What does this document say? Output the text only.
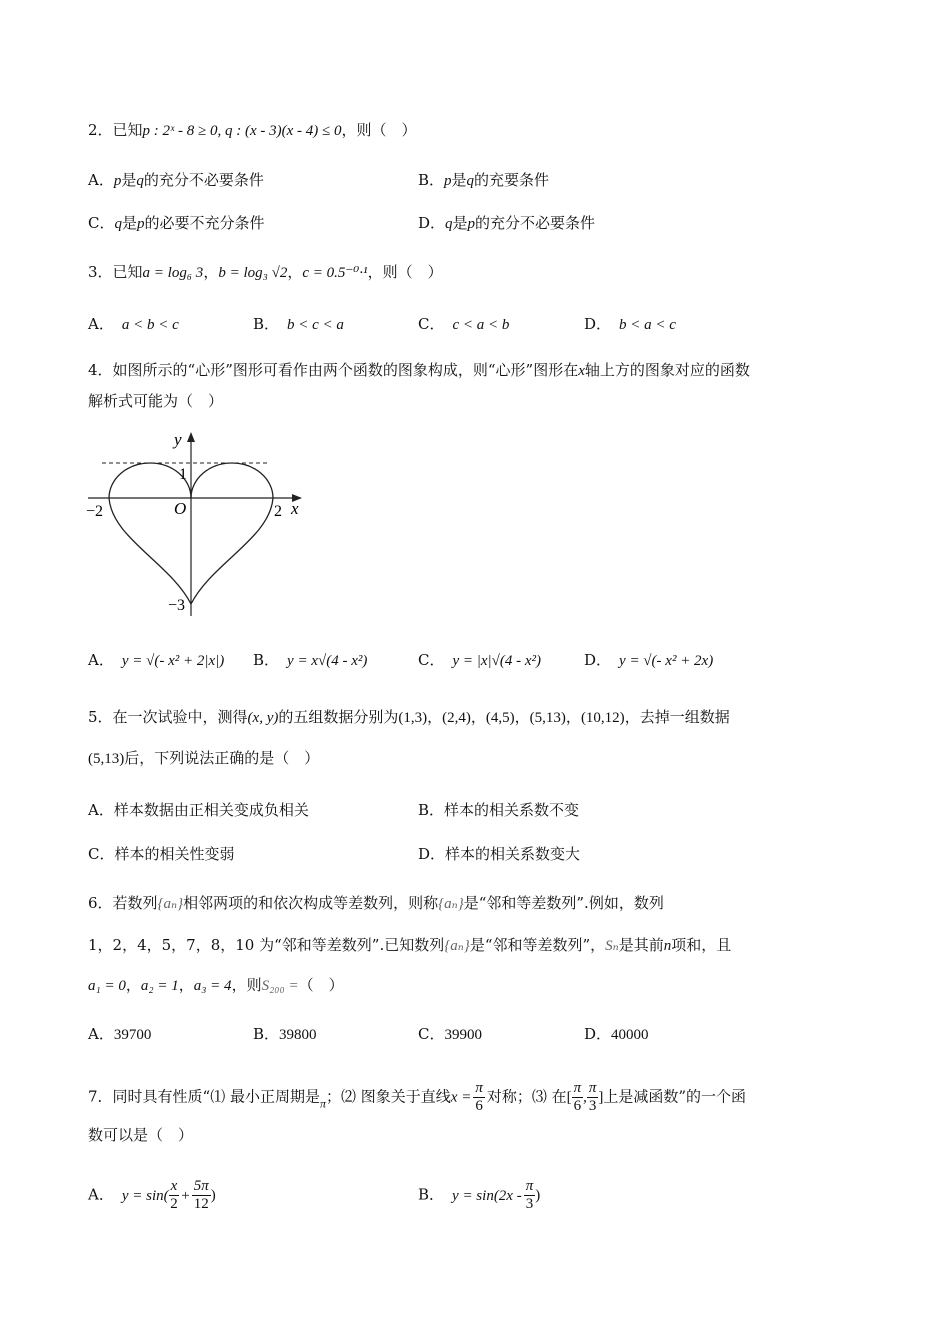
2．已知p : 2ˣ - 8 ≥ 0, q : (x - 3)(x - 4) ≤ 0，则（　）
A．p是q的充分不必要条件	B．p是q的充要条件
C．q是p的必要不充分条件	D．q是p的充分不必要条件
3．已知a = log₆ 3，b = log₃ √2，c = 0.5⁻⁰·¹，则（　）
A． a < b < c	B． b < c < a	C． c < a < b	D． b < a < c
4．如图所示的“心形”图形可看作由两个函数的图象构成，则“心形”图形在x轴上方的图象对应的函数
解析式可能为（　）
y
x
O
1
−2	2
−3
A． y = √(- x² + 2|x|) B． y = x√(4 - x²)	C． y = |x|√(4 - x²)	D． y = √(- x² + 2x)
5．在一次试验中，测得(x, y)的五组数据分别为(1,3)，(2,4)，(4,5)，(5,13)，(10,12)，去掉一组数据
(5,13)后，下列说法正确的是（　）
A．样本数据由正相关变成负相关	B．样本的相关系数不变
C．样本的相关性变弱	D．样本的相关系数变大
6．若数列{aₙ}相邻两项的和依次构成等差数列，则称{aₙ}是“邻和等差数列”.例如，数列
1，2，4，5，7，8，10 为“邻和等差数列”.已知数列{aₙ}是“邻和等差数列”，Sₙ是其前n项和，且
a₁ = 0，a₂ = 1，a₃ = 4，则S₂₀₀ =（　）
A．39700	B．39800	C．39900	D．40000
7．同时具有性质“⑴ 最小正周期是$_\pi$；⑵ 图象关于直线$x = \frac{\pi}{6}$ 对称；⑶ 在[ $\frac{\pi}{6}$ , $\frac{\pi}{3}$ ]上是减函数”的一个函
数可以是（　）
A． $y = \sin( \frac{x}{2} + \frac{5\pi}{12}$ )	B． $y = \sin(2x - \frac{\pi}{3}$ )
